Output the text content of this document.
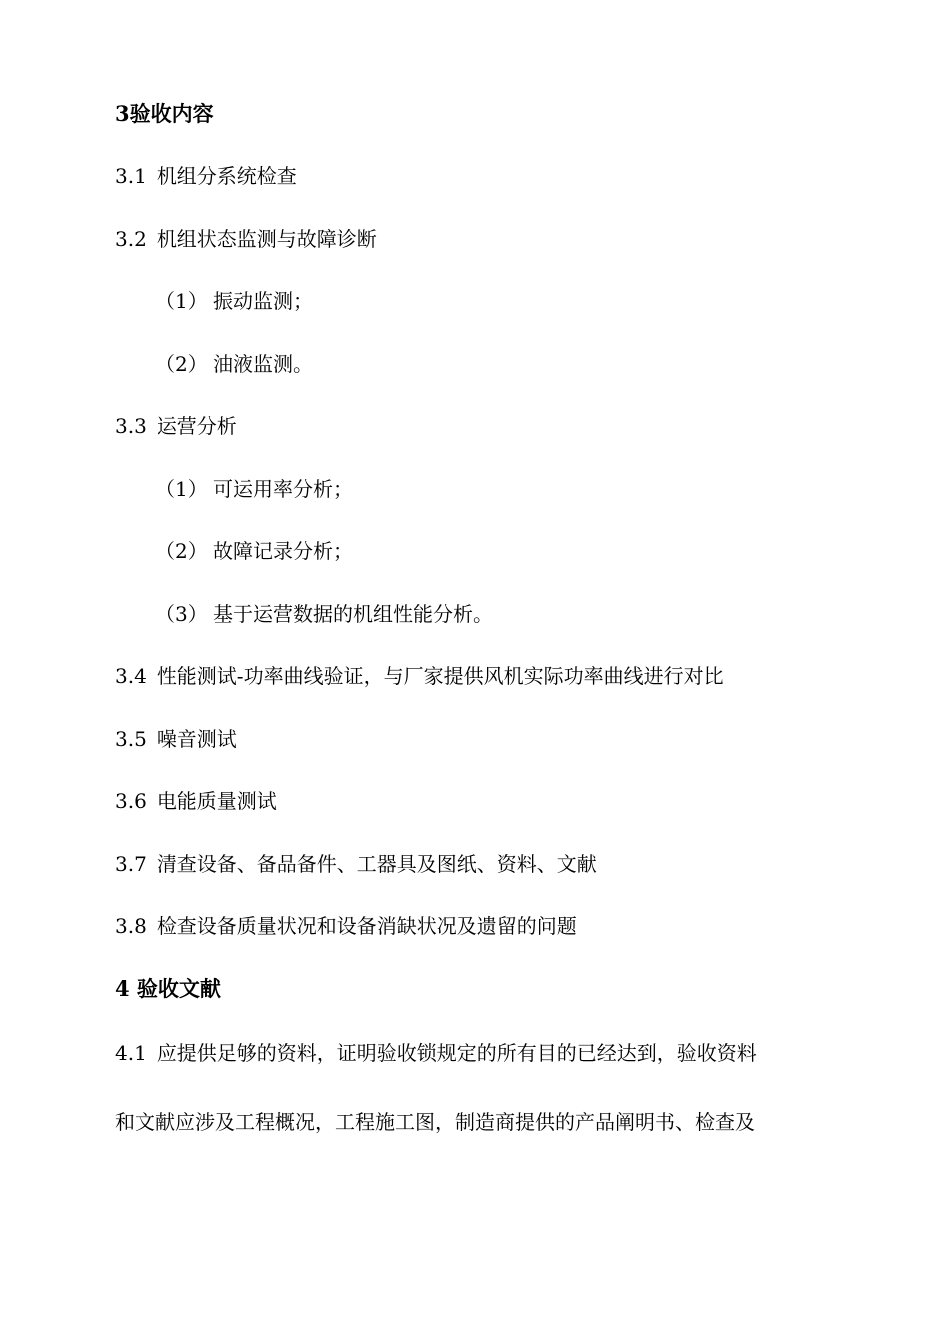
3验收内容
3.1 机组分系统检查
3.2 机组状态监测与故障诊断
（1） 振动监测；
（2） 油液监测。
3.3 运营分析
（1） 可运用率分析；
（2） 故障记录分析；
（3） 基于运营数据的机组性能分析。
3.4 性能测试-功率曲线验证，与厂家提供风机实际功率曲线进行对比
3.5 噪音测试
3.6 电能质量测试
3.7 清查设备、备品备件、工器具及图纸、资料、文献
3.8 检查设备质量状况和设备消缺状况及遗留的问题
4 验收文献
4.1 应提供足够的资料，证明验收锁规定的所有目的已经达到，验收资料
和文献应涉及工程概况，工程施工图，制造商提供的产品阐明书、检查及
